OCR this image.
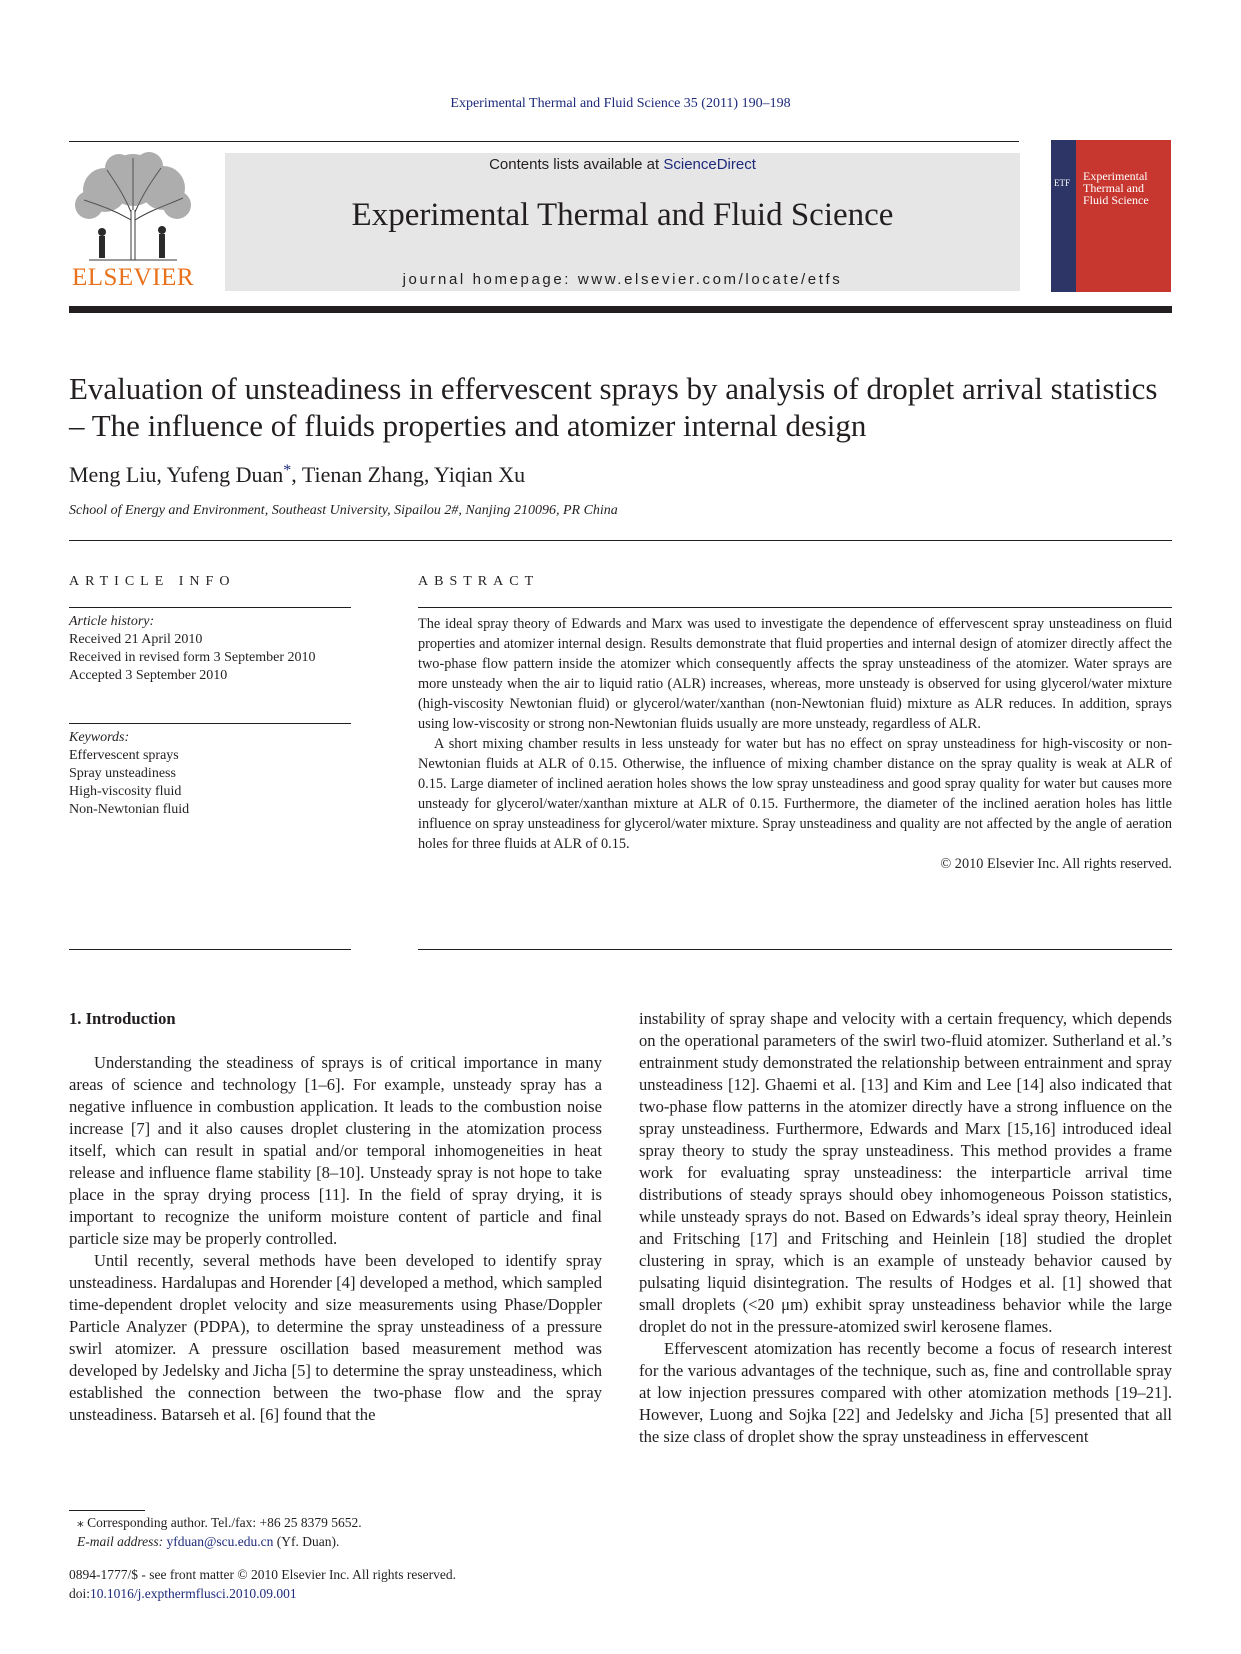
Experimental Thermal and Fluid Science 35 (2011) 190–198
ELSEVIER
Contents lists available at ScienceDirect
Experimental Thermal and Fluid Science
journal homepage: www.elsevier.com/locate/etfs
ETF Experimental Thermal and Fluid Science
Evaluation of unsteadiness in effervescent sprays by analysis of droplet arrival statistics – The influence of fluids properties and atomizer internal design
Meng Liu, Yufeng Duan*, Tienan Zhang, Yiqian Xu
School of Energy and Environment, Southeast University, Sipailou 2#, Nanjing 210096, PR China
ARTICLE INFO	ABSTRACT
Article history:
Received 21 April 2010
Received in revised form 3 September 2010
Accepted 3 September 2010
Keywords:
Effervescent sprays
Spray unsteadiness
High-viscosity fluid
Non-Newtonian fluid

The ideal spray theory of Edwards and Marx was used to investigate the dependence of effervescent spray unsteadiness on fluid properties and atomizer internal design. Results demonstrate that fluid properties and internal design of atomizer directly affect the two-phase flow pattern inside the atomizer which consequently affects the spray unsteadiness of the atomizer. Water sprays are more unsteady when the air to liquid ratio (ALR) increases, whereas, more unsteady is observed for using glycerol/water mixture (high-viscosity Newtonian fluid) or glycerol/water/xanthan (non-Newtonian fluid) mixture as ALR reduces. In addition, sprays using low-viscosity or strong non-Newtonian fluids usually are more unsteady, regardless of ALR.

A short mixing chamber results in less unsteady for water but has no effect on spray unsteadiness for high-viscosity or non-Newtonian fluids at ALR of 0.15. Otherwise, the influence of mixing chamber distance on the spray quality is weak at ALR of 0.15. Large diameter of inclined aeration holes shows the low spray unsteadiness and good spray quality for water but causes more unsteady for glycerol/water/xanthan mixture at ALR of 0.15. Furthermore, the diameter of the inclined aeration holes has little influence on spray unsteadiness for glycerol/water mixture. Spray unsteadiness and quality are not affected by the angle of aeration holes for three fluids at ALR of 0.15.

© 2010 Elsevier Inc. All rights reserved.

1. Introduction

Understanding the steadiness of sprays is of critical importance in many areas of science and technology [1–6]. For example, unsteady spray has a negative influence in combustion application. It leads to the combustion noise increase [7] and it also causes droplet clustering in the atomization process itself, which can result in spatial and/or temporal inhomogeneities in heat release and influence flame stability [8–10]. Unsteady spray is not hope to take place in the spray drying process [11]. In the field of spray drying, it is important to recognize the uniform moisture content of particle and final particle size may be properly controlled.

Until recently, several methods have been developed to identify spray unsteadiness. Hardalupas and Horender [4] developed a method, which sampled time-dependent droplet velocity and size measurements using Phase/Doppler Particle Analyzer (PDPA), to determine the spray unsteadiness of a pressure swirl atomizer. A pressure oscillation based measurement method was developed by Jedelsky and Jicha [5] to determine the spray unsteadiness, which established the connection between the two-phase flow and the spray unsteadiness. Batarseh et al. [6] found that the

instability of spray shape and velocity with a certain frequency, which depends on the operational parameters of the swirl two-fluid atomizer. Sutherland et al.’s entrainment study demonstrated the relationship between entrainment and spray unsteadiness [12]. Ghaemi et al. [13] and Kim and Lee [14] also indicated that two-phase flow patterns in the atomizer directly have a strong influence on the spray unsteadiness. Furthermore, Edwards and Marx [15,16] introduced ideal spray theory to study the spray unsteadiness. This method provides a frame work for evaluating spray unsteadiness: the interparticle arrival time distributions of steady sprays should obey inhomogeneous Poisson statistics, while unsteady sprays do not. Based on Edwards’s ideal spray theory, Heinlein and Fritsching [17] and Fritsching and Heinlein [18] studied the droplet clustering in spray, which is an example of unsteady behavior caused by pulsating liquid disintegration. The results of Hodges et al. [1] showed that small droplets (<20 μm) exhibit spray unsteadiness behavior while the large droplet do not in the pressure-atomized swirl kerosene flames.

Effervescent atomization has recently become a focus of research interest for the various advantages of the technique, such as, fine and controllable spray at low injection pressures compared with other atomization methods [19–21]. However, Luong and Sojka [22] and Jedelsky and Jicha [5] presented that all the size class of droplet show the spray unsteadiness in effervescent

⁎ Corresponding author. Tel./fax: +86 25 8379 5652.
E-mail address: yfduan@scu.edu.cn (Yf. Duan).
0894-1777/$ - see front matter © 2010 Elsevier Inc. All rights reserved.
doi:10.1016/j.expthermflusci.2010.09.001
